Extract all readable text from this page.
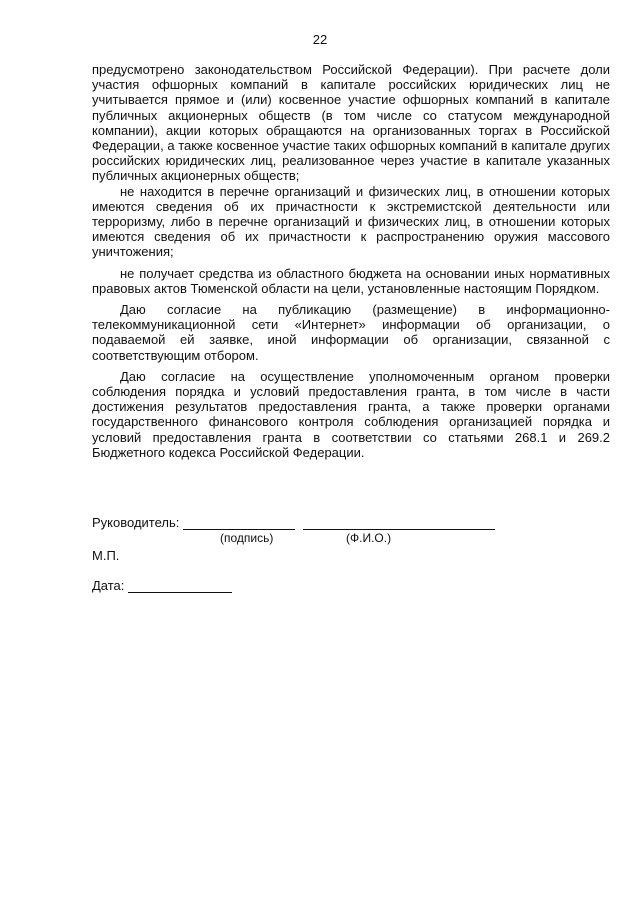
22

предусмотрено законодательством Российской Федерации). При расчете доли участия офшорных компаний в капитале российских юридических лиц не учитывается прямое и (или) косвенное участие офшорных компаний в капитале публичных акционерных обществ (в том числе со статусом международной компании), акции которых обращаются на организованных торгах в Российской Федерации, а также косвенное участие таких офшорных компаний в капитале других российских юридических лиц, реализованное через участие в капитале указанных публичных акционерных обществ;

не находится в перечне организаций и физических лиц, в отношении которых имеются сведения об их причастности к экстремистской деятельности или терроризму, либо в перечне организаций и физических лиц, в отношении которых имеются сведения об их причастности к распространению оружия массового уничтожения;

не получает средства из областного бюджета на основании иных нормативных правовых актов Тюменской области на цели, установленные настоящим Порядком.

Даю согласие на публикацию (размещение) в информационно-телекоммуникационной сети «Интернет» информации об организации, о подаваемой ей заявке, иной информации об организации, связанной с соответствующим отбором.

Даю согласие на осуществление уполномоченным органом проверки соблюдения порядка и условий предоставления гранта, в том числе в части достижения результатов предоставления гранта, а также проверки органами государственного финансового контроля соблюдения организацией порядка и условий предоставления гранта в соответствии со статьями 268.1 и 269.2 Бюджетного кодекса Российской Федерации.

Руководитель:
(подпись)	(Ф.И.О.)
М.П.
Дата:
